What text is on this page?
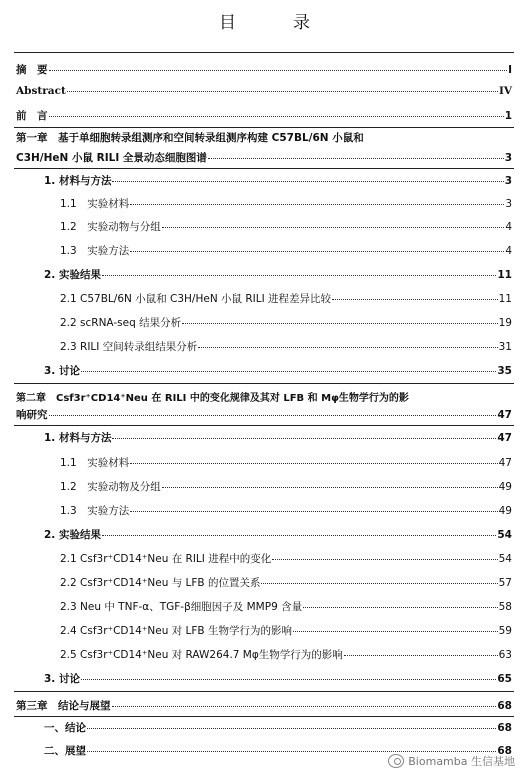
目　录
摘　要	I
Abstract	IV
前　言	1
第一章　基于单细胞转录组测序和空间转录组测序构建 C57BL/6N 小鼠和
C3H/HeN 小鼠 RILI 全景动态细胞图谱	3
1. 材料与方法	3
1.1　实验材料	3
1.2　实验动物与分组	4
1.3　实验方法	4
2. 实验结果	11
2.1 C57BL/6N 小鼠和 C3H/HeN 小鼠 RILI 进程差异比较	11
2.2 scRNA-seq 结果分析	19
2.3 RILI 空间转录组结果分析	31
3. 讨论	35
第二章　Csf3r⁺CD14⁺Neu 在 RILI 中的变化规律及其对 LFB 和 Mφ生物学行为的影
响研究	47
1. 材料与方法	47
1.1　实验材料	47
1.2　实验动物及分组	49
1.3　实验方法	49
2. 实验结果	54
2.1 Csf3r⁺CD14⁺Neu 在 RILI 进程中的变化	54
2.2 Csf3r⁺CD14⁺Neu 与 LFB 的位置关系	57
2.3 Neu 中 TNF-α、TGF-β细胞因子及 MMP9 含量	58
2.4 Csf3r⁺CD14⁺Neu 对 LFB 生物学行为的影响	59
2.5 Csf3r⁺CD14⁺Neu 对 RAW264.7 Mφ生物学行为的影响	63
3. 讨论	65
第三章　结论与展望	68
一、结论	68
二、展望	68
Biomamba 生信基地
